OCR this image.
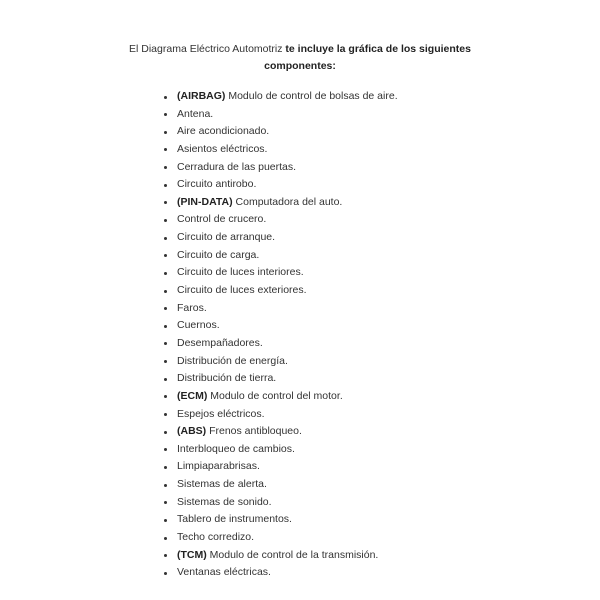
El Diagrama Eléctrico Automotriz te incluye la gráfica de los siguientes componentes:

(AIRBAG) Modulo de control de bolsas de aire.
Antena.
Aire acondicionado.
Asientos eléctricos.
Cerradura de las puertas.
Circuito antirobo.
(PIN-DATA) Computadora del auto.
Control de crucero.
Circuito de arranque.
Circuito de carga.
Circuito de luces interiores.
Circuito de luces exteriores.
Faros.
Cuernos.
Desempañadores.
Distribución de energía.
Distribución de tierra.
(ECM) Modulo de control del motor.
Espejos eléctricos.
(ABS) Frenos antibloqueo.
Interbloqueo de cambios.
Limpiaparabrisas.
Sistemas de alerta.
Sistemas de sonido.
Tablero de instrumentos.
Techo corredizo.
(TCM) Modulo de control de la transmisión.
Ventanas eléctricas.
